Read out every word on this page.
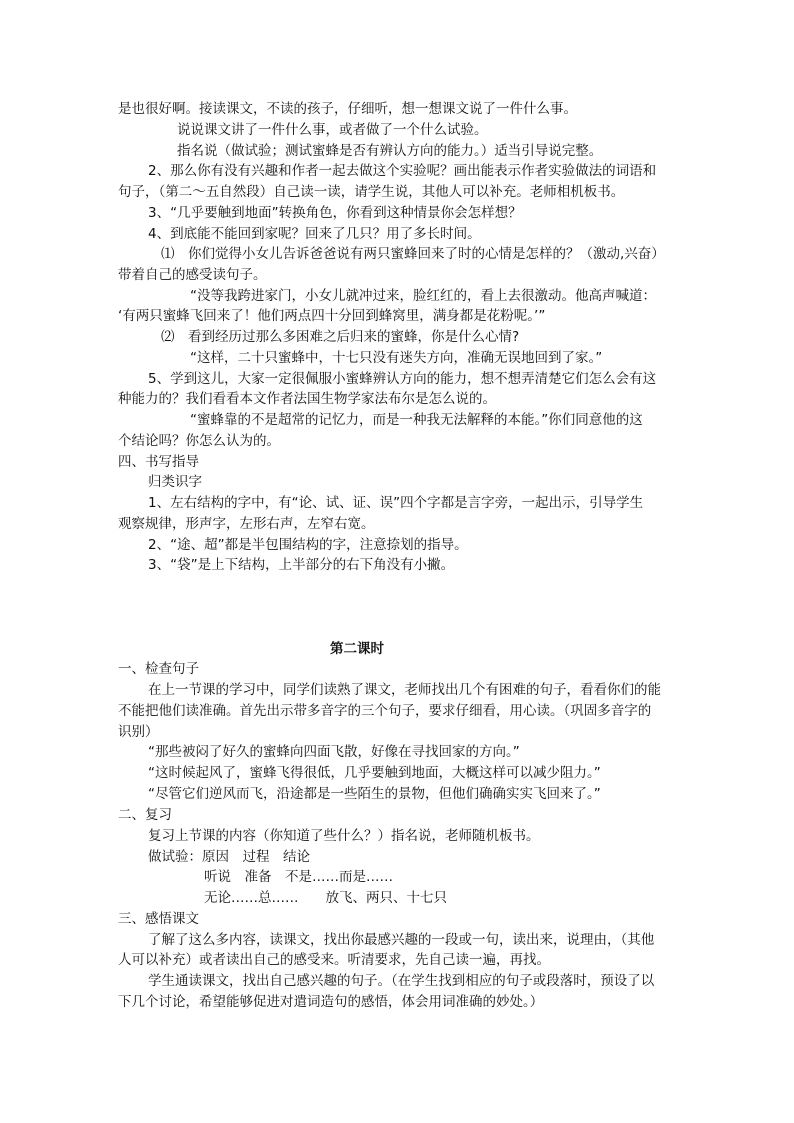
是也很好啊。接读课文，不读的孩子，仔细听，想一想课文说了一件什么事。
说说课文讲了一件什么事，或者做了一个什么试验。
指名说（做试验；测试蜜蜂是否有辨认方向的能力。）适当引导说完整。
2、那么你有没有兴趣和作者一起去做这个实验呢？画出能表示作者实验做法的词语和
句子，（第二～五自然段）自己读一读，请学生说，其他人可以补充。老师相机板书。
3、“几乎要触到地面”转换角色，你看到这种情景你会怎样想？
4、到底能不能回到家呢？回来了几只？用了多长时间。
⑴　你们觉得小女儿告诉爸爸说有两只蜜蜂回来了时的心情是怎样的？（激动,兴奋）
带着自己的感受读句子。
“没等我跨进家门，小女儿就冲过来，脸红红的，看上去很激动。他高声喊道：
‘有两只蜜蜂飞回来了！他们两点四十分回到蜂窝里，满身都是花粉呢。’”
⑵　看到经历过那么多困难之后归来的蜜蜂，你是什么心情?
“这样，二十只蜜蜂中，十七只没有迷失方向，准确无误地回到了家。”
5、学到这儿，大家一定很佩服小蜜蜂辨认方向的能力，想不想弄清楚它们怎么会有这
种能力的？我们看看本文作者法国生物学家法布尔是怎么说的。
“蜜蜂靠的不是超常的记忆力，而是一种我无法解释的本能。”你们同意他的这
个结论吗？你怎么认为的。
四、书写指导
归类识字
1、左右结构的字中，有“论、试、证、误”四个字都是言字旁，一起出示，引导学生
观察规律，形声字，左形右声，左窄右宽。
2、“途、超”都是半包围结构的字，注意捺划的指导。
3、“袋”是上下结构，上半部分的右下角没有小撇。
第二课时
一、检查句子
在上一节课的学习中，同学们读熟了课文，老师找出几个有困难的句子，看看你们的能
不能把他们读准确。首先出示带多音字的三个句子，要求仔细看，用心读。（巩固多音字的
识别）
“那些被闷了好久的蜜蜂向四面飞散，好像在寻找回家的方向。”
“这时候起风了，蜜蜂飞得很低，几乎要触到地面，大概这样可以减少阻力。”
“尽管它们逆风而飞，沿途都是一些陌生的景物，但他们确确实实飞回来了。”
二、复习
复习上节课的内容（你知道了些什么？）指名说，老师随机板书。
做试验：原因　过程　结论
听说　准备　不是……而是……
无论……总……　　放飞、两只、十七只
三、感悟课文
了解了这么多内容，读课文，找出你最感兴趣的一段或一句，读出来，说理由，（其他
人可以补充）或者读出自己的感受来。听清要求，先自己读一遍，再找。
学生通读课文，找出自己感兴趣的句子。（在学生找到相应的句子或段落时，预设了以
下几个讨论，希望能够促进对遣词造句的感悟，体会用词准确的妙处。）
